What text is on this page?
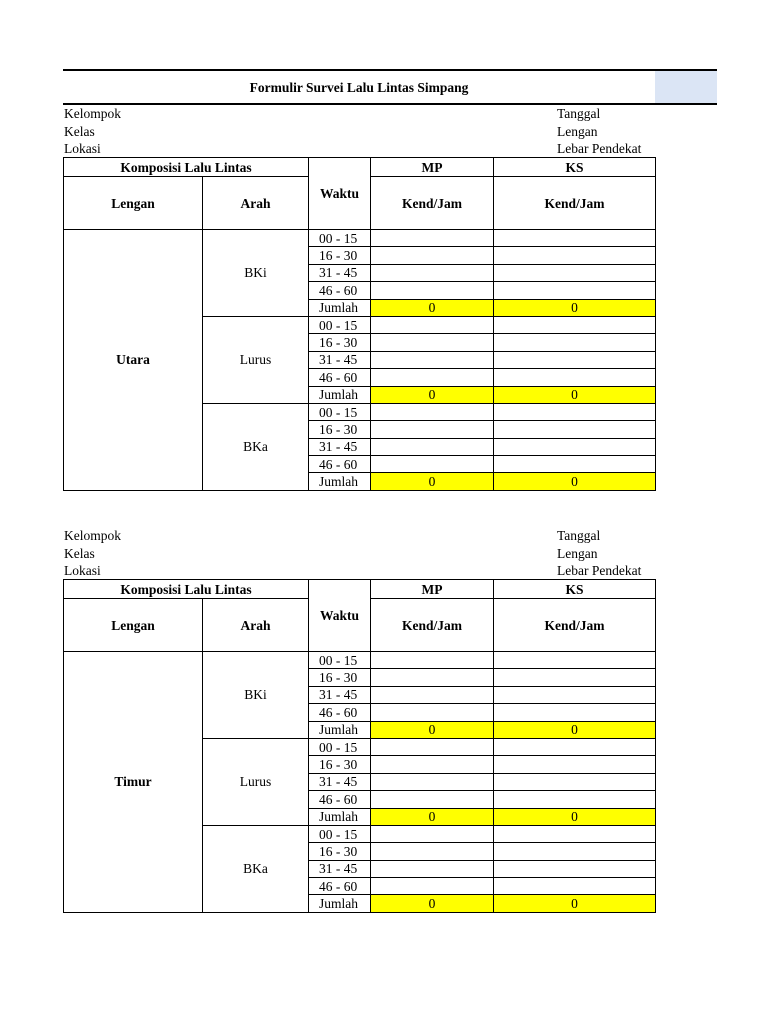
Formulir Survei Lalu Lintas Simpang
Kelompok
Kelas
Lokasi
Tanggal
Lengan
Lebar Pendekat
Komposisi Lalu Lintas		Waktu	MP	KS
Lengan	Arah			
			Kend/Jam	Kend/Jam
Utara	BKi	00 - 15		
		16 - 30		
		31 - 45		
		46 - 60		
		Jumlah	0	0
	Lurus	00 - 15		
		16 - 30		
		31 - 45		
		46 - 60		
		Jumlah	0	0
	BKa	00 - 15		
		16 - 30		
		31 - 45		
		46 - 60		
		Jumlah	0	0
Kelompok
Kelas
Lokasi
Tanggal
Lengan
Lebar Pendekat
Komposisi Lalu Lintas		Waktu	MP	KS
Lengan	Arah			
			Kend/Jam	Kend/Jam
Timur	BKi	00 - 15		
		16 - 30		
		31 - 45		
		46 - 60		
		Jumlah	0	0
	Lurus	00 - 15		
		16 - 30		
		31 - 45		
		46 - 60		
		Jumlah	0	0
	BKa	00 - 15		
		16 - 30		
		31 - 45		
		46 - 60		
		Jumlah	0	0
